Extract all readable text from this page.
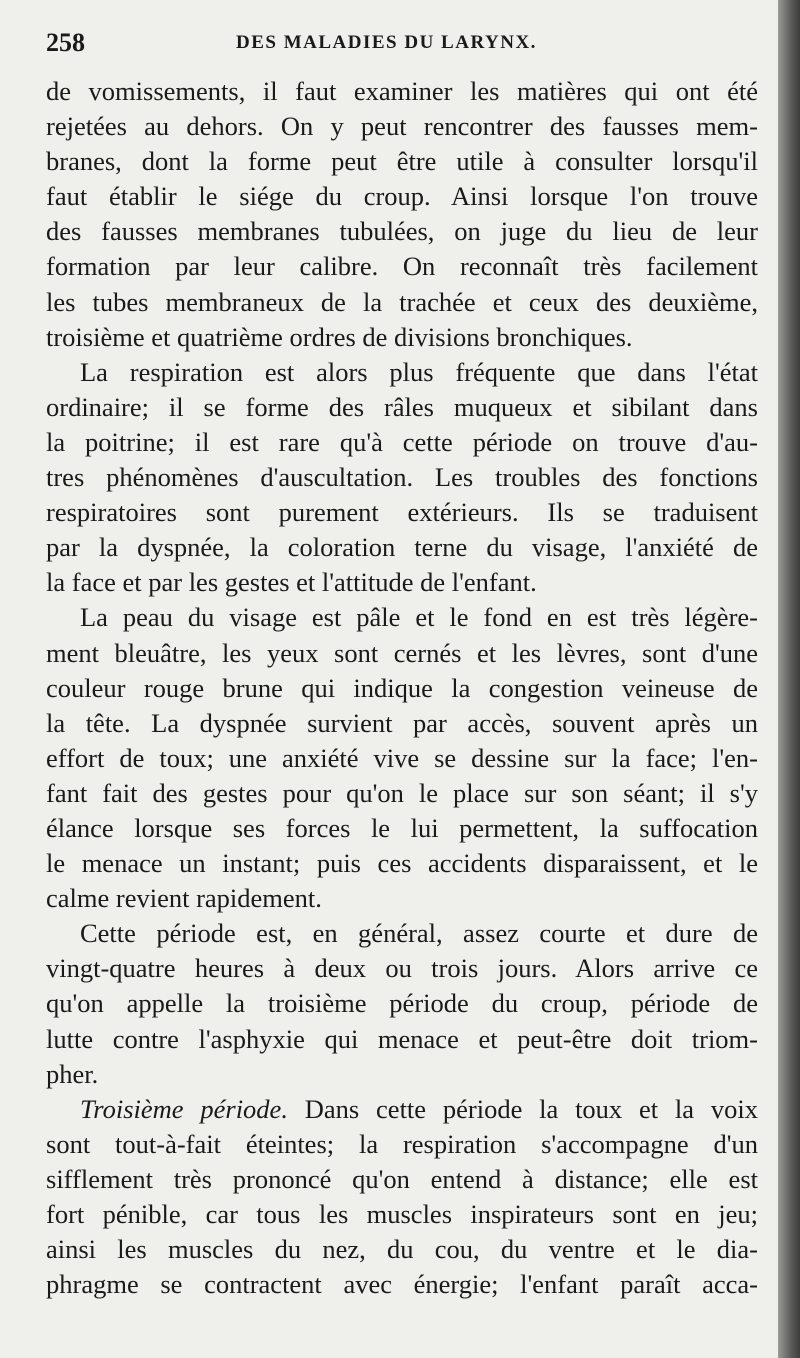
258	DES MALADIES DU LARYNX.
de vomissements, il faut examiner les matières qui ont été
rejetées au dehors. On y peut rencontrer des fausses mem-
branes, dont la forme peut être utile à consulter lorsqu'il
faut établir le siége du croup. Ainsi lorsque l'on trouve
des fausses membranes tubulées, on juge du lieu de leur
formation par leur calibre. On reconnaît très facilement
les tubes membraneux de la trachée et ceux des deuxième,
troisième et quatrième ordres de divisions bronchiques.
La respiration est alors plus fréquente que dans l'état
ordinaire; il se forme des râles muqueux et sibilant dans
la poitrine; il est rare qu'à cette période on trouve d'au-
tres phénomènes d'auscultation. Les troubles des fonctions
respiratoires sont purement extérieurs. Ils se traduisent
par la dyspnée, la coloration terne du visage, l'anxiété de
la face et par les gestes et l'attitude de l'enfant.
La peau du visage est pâle et le fond en est très légère-
ment bleuâtre, les yeux sont cernés et les lèvres, sont d'une
couleur rouge brune qui indique la congestion veineuse de
la tête. La dyspnée survient par accès, souvent après un
effort de toux; une anxiété vive se dessine sur la face; l'en-
fant fait des gestes pour qu'on le place sur son séant; il s'y
élance lorsque ses forces le lui permettent, la suffocation
le menace un instant; puis ces accidents disparaissent, et le
calme revient rapidement.
Cette période est, en général, assez courte et dure de
vingt-quatre heures à deux ou trois jours. Alors arrive ce
qu'on appelle la troisième période du croup, période de
lutte contre l'asphyxie qui menace et peut-être doit triom-
pher.
Troisième période. Dans cette période la toux et la voix
sont tout-à-fait éteintes; la respiration s'accompagne d'un
sifflement très prononcé qu'on entend à distance; elle est
fort pénible, car tous les muscles inspirateurs sont en jeu;
ainsi les muscles du nez, du cou, du ventre et le dia-
phragme se contractent avec énergie; l'enfant paraît acca-
